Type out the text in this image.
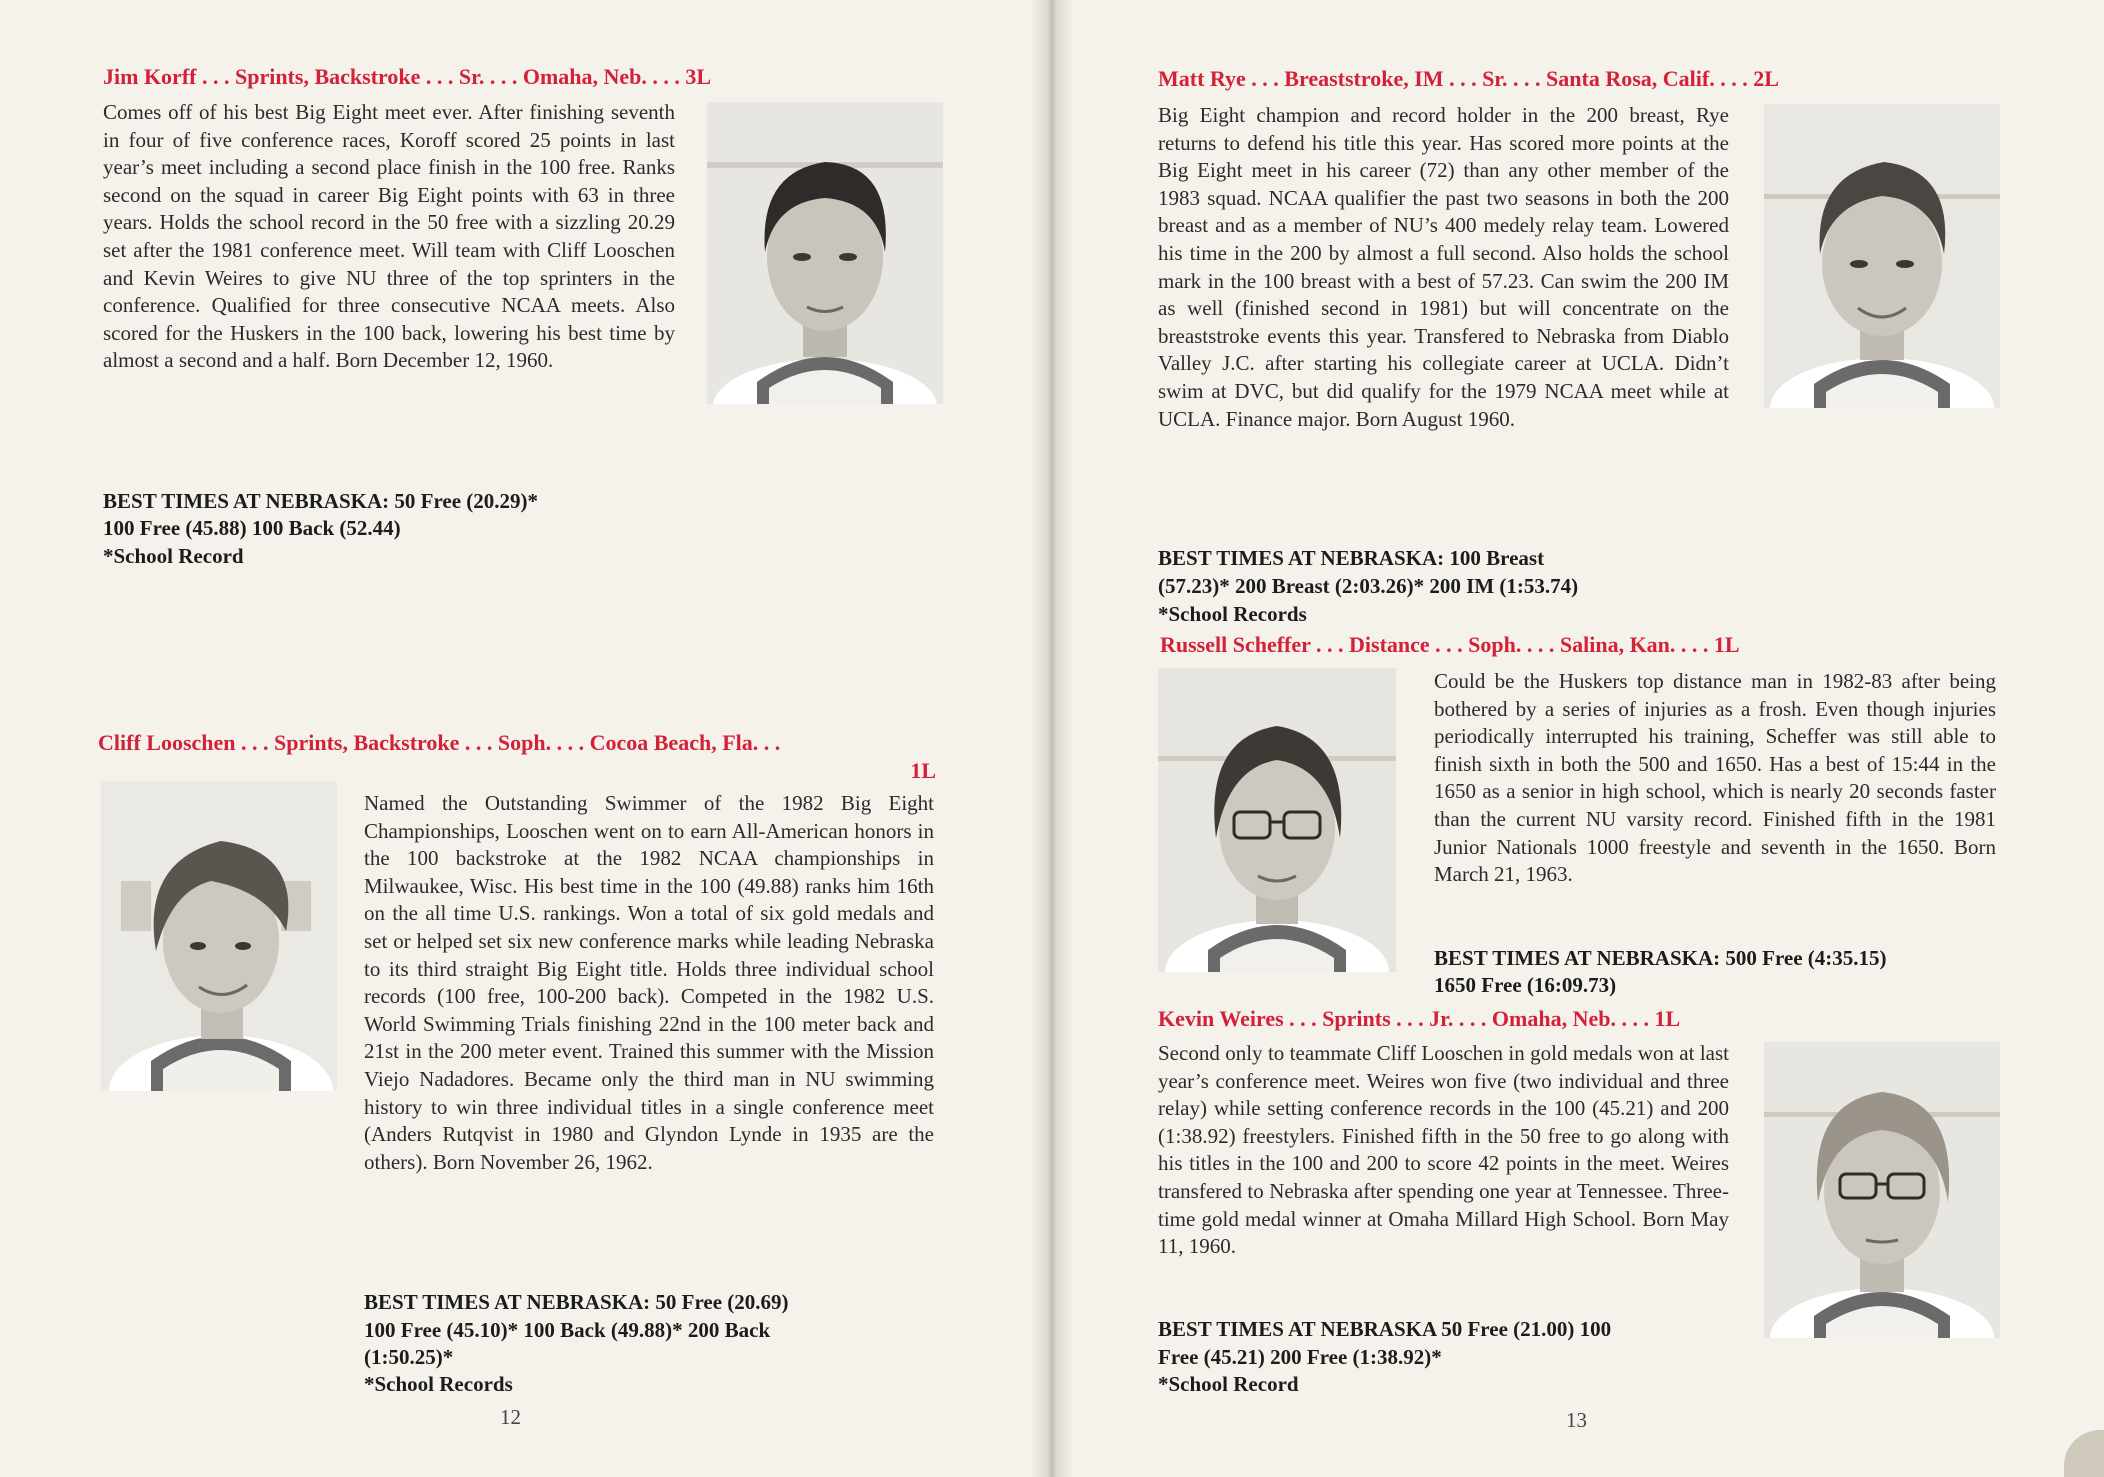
Jim Korff . . . Sprints, Backstroke . . . Sr. . . . Omaha, Neb. . . . 3L

Comes off of his best Big Eight meet ever. After finishing seventh in four of five conference races, Koroff scored 25 points in last year’s meet including a second place finish in the 100 free. Ranks second on the squad in career Big Eight points with 63 in three years. Holds the school record in the 50 free with a sizzling 20.29 set after the 1981 conference meet. Will team with Cliff Looschen and Kevin Weires to give NU three of the top sprinters in the conference. Qualified for three consecutive NCAA meets. Also scored for the Huskers in the 100 back, lowering his best time by almost a second and a half. Born December 12, 1960.

BEST TIMES AT NEBRASKA: 50 Free (20.29)*
100 Free (45.88) 100 Back (52.44)
*School Record
Cliff Looschen . . . Sprints, Backstroke . . . Soph. . . . Cocoa Beach, Fla. . .
1L

Named the Outstanding Swimmer of the 1982 Big Eight Championships, Looschen went on to earn All-American honors in the 100 backstroke at the 1982 NCAA championships in Milwaukee, Wisc. His best time in the 100 (49.88) ranks him 16th on the all time U.S. rankings. Won a total of six gold medals and set or helped set six new conference marks while leading Nebraska to its third straight Big Eight title. Holds three individual school records (100 free, 100-200 back). Competed in the 1982 U.S. World Swimming Trials finishing 22nd in the 100 meter back and 21st in the 200 meter event. Trained this summer with the Mission Viejo Nadadores. Became only the third man in NU swimming history to win three individual titles in a single conference meet (Anders Rutqvist in 1980 and Glyndon Lynde in 1935 are the others). Born November 26, 1962.

BEST TIMES AT NEBRASKA: 50 Free (20.69)
100 Free (45.10)* 100 Back (49.88)* 200 Back
(1:50.25)*
*School Records
12
Matt Rye . . . Breaststroke, IM . . . Sr. . . . Santa Rosa, Calif. . . . 2L

Big Eight champion and record holder in the 200 breast, Rye returns to defend his title this year. Has scored more points at the Big Eight meet in his career (72) than any other member of the 1983 squad. NCAA qualifier the past two seasons in both the 200 breast and as a member of NU’s 400 medely relay team. Lowered his time in the 200 by almost a full second. Also holds the school mark in the 100 breast with a best of 57.23. Can swim the 200 IM as well (finished second in 1981) but will concentrate on the breaststroke events this year. Transfered to Nebraska from Diablo Valley J.C. after starting his collegiate career at UCLA. Didn’t swim at DVC, but did qualify for the 1979 NCAA meet while at UCLA. Finance major. Born August 1960.

BEST TIMES AT NEBRASKA: 100 Breast
(57.23)* 200 Breast (2:03.26)* 200 IM (1:53.74)
*School Records
Russell Scheffer . . . Distance . . . Soph. . . . Salina, Kan. . . . 1L

Could be the Huskers top distance man in 1982-83 after being bothered by a series of injuries as a frosh. Even though injuries periodically interrupted his training, Scheffer was still able to finish sixth in both the 500 and 1650. Has a best of 15:44 in the 1650 as a senior in high school, which is nearly 20 seconds faster than the current NU varsity record. Finished fifth in the 1981 Junior Nationals 1000 freestyle and seventh in the 1650. Born March 21, 1963.

BEST TIMES AT NEBRASKA: 500 Free (4:35.15)
1650 Free (16:09.73)
Kevin Weires . . . Sprints . . . Jr. . . . Omaha, Neb. . . . 1L

Second only to teammate Cliff Looschen in gold medals won at last year’s conference meet. Weires won five (two individual and three relay) while setting conference records in the 100 (45.21) and 200 (1:38.92) freestylers. Finished fifth in the 50 free to go along with his titles in the 100 and 200 to score 42 points in the meet. Weires transfered to Nebraska after spending one year at Tennessee. Three-time gold medal winner at Omaha Millard High School. Born May 11, 1960.

BEST TIMES AT NEBRASKA 50 Free (21.00) 100
Free (45.21) 200 Free (1:38.92)*
*School Record
13
